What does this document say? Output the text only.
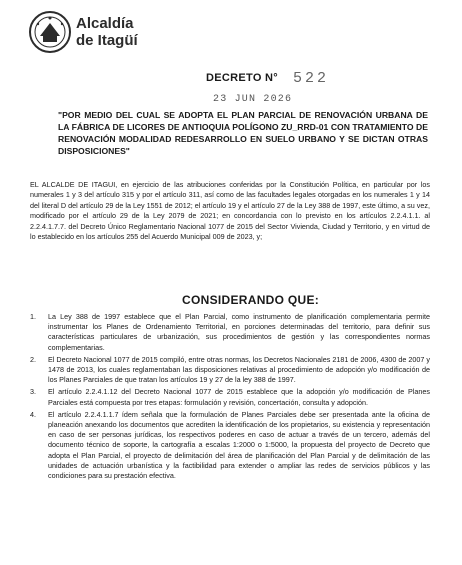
Alcaldía
de Itagüí
DECRETO N° 522
23 JUN 2026
"POR MEDIO DEL CUAL SE ADOPTA EL PLAN PARCIAL DE RENOVACIÓN URBANA DE LA FÁBRICA DE LICORES DE ANTIOQUIA POLÍGONO ZU_RRD-01 CON TRATAMIENTO DE RENOVACIÓN MODALIDAD REDESARROLLO EN SUELO URBANO Y SE DICTAN OTRAS DISPOSICIONES"
EL ALCALDE DE ITAGUI, en ejercicio de las atribuciones conferidas por la Constitución Política, en particular por los numerales 1 y 3 del artículo 315 y por el artículo 311, así como de las facultades legales otorgadas en los numerales 1 y 14 del literal D del artículo 29 de la Ley 1551 de 2012; el artículo 19 y el artículo 27 de la Ley 388 de 1997, este último, a su vez, modificado por el artículo 29 de la Ley 2079 de 2021; en concordancia con lo previsto en los artículos 2.2.4.1.1. al 2.2.4.1.7.7. del Decreto Único Reglamentario Nacional 1077 de 2015 del Sector Vivienda, Ciudad y Territorio, y en virtud de lo establecido en los artículos 255 del Acuerdo Municipal 009 de 2023, y;
CONSIDERANDO QUE:
1. La Ley 388 de 1997 establece que el Plan Parcial, como instrumento de planificación complementaria permite instrumentar los Planes de Ordenamiento Territorial, en porciones determinadas del territorio, para definir sus características particulares de urbanización, sus procedimientos de gestión y las correspondientes normas complementarias.
2. El Decreto Nacional 1077 de 2015 compiló, entre otras normas, los Decretos Nacionales 2181 de 2006, 4300 de 2007 y 1478 de 2013, los cuales reglamentaban las disposiciones relativas al procedimiento de adopción y/o modificación de los Planes Parciales de que tratan los artículos 19 y 27 de la ley 388 de 1997.
3. El artículo 2.2.4.1.12 del Decreto Nacional 1077 de 2015 establece que la adopción y/o modificación de Planes Parciales está compuesta por tres etapas: formulación y revisión, concertación, consulta y adopción.
4. El artículo 2.2.4.1.1.7 ídem señala que la formulación de Planes Parciales debe ser presentada ante la oficina de planeación anexando los documentos que acrediten la identificación de los propietarios, su existencia y representación en caso de ser personas jurídicas, los respectivos poderes en caso de actuar a través de un tercero, además del documento técnico de soporte, la cartografía a escalas 1:2000 o 1:5000, la propuesta del proyecto de Decreto que adopta el Plan Parcial, el proyecto de delimitación del área de planificación del Plan Parcial y de delimitación de las unidades de actuación urbanística y la factibilidad para extender o ampliar las redes de servicios públicos y las condiciones para su prestación efectiva.
